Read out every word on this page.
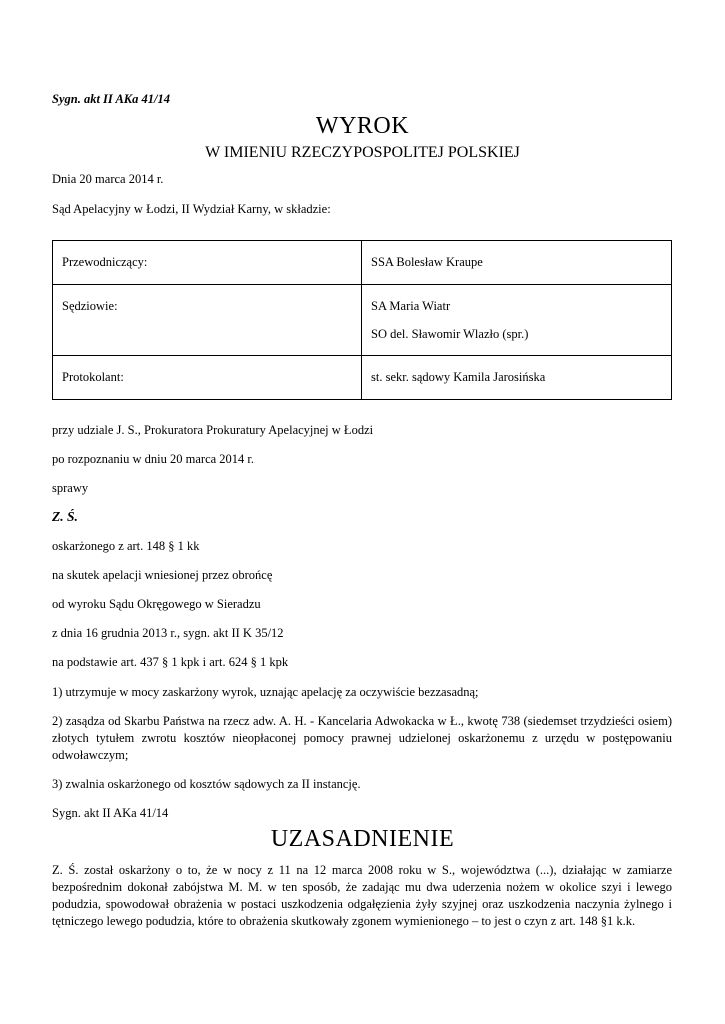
Sygn. akt II AKa 41/14
WYROK
W IMIENIU RZECZYPOSPOLITEJ POLSKIEJ
Dnia 20 marca 2014 r.
Sąd Apelacyjny w Łodzi, II Wydział Karny, w składzie:
Przewodniczący:	SSA Bolesław Kraupe

Sędziowie:	SA Maria Wiatr
SO del. Sławomir Wlazło (spr.)

Protokolant:	st. sekr. sądowy Kamila Jarosińska
przy udziale J. S., Prokuratora Prokuratury Apelacyjnej w Łodzi
po rozpoznaniu w dniu 20 marca 2014 r.
sprawy
Z. Ś.
oskarżonego z art. 148 § 1 kk
na skutek apelacji wniesionej przez obrońcę
od wyroku Sądu Okręgowego w Sieradzu
z dnia 16 grudnia 2013 r., sygn. akt II K 35/12
na podstawie art. 437 § 1 kpk i art. 624 § 1 kpk
1) utrzymuje w mocy zaskarżony wyrok, uznając apelację za oczywiście bezzasadną;
2) zasądza od Skarbu Państwa na rzecz adw. A. H. - Kancelaria Adwokacka w Ł., kwotę 738 (siedemset trzydzieści osiem) złotych tytułem zwrotu kosztów nieopłaconej pomocy prawnej udzielonej oskarżonemu z urzędu w postępowaniu odwoławczym;
3) zwalnia oskarżonego od kosztów sądowych za II instancję.
Sygn. akt II AKa 41/14
UZASADNIENIE
Z. Ś. został oskarżony o to, że w nocy z 11 na 12 marca 2008 roku w S., województwa (...), działając w zamiarze bezpośrednim dokonał zabójstwa M. M. w ten sposób, że zadając mu dwa uderzenia nożem w okolice szyi i lewego podudzia, spowodował obrażenia w postaci uszkodzenia odgałęzienia żyły szyjnej oraz uszkodzenia naczynia żylnego i tętniczego lewego podudzia, które to obrażenia skutkowały zgonem wymienionego – to jest o czyn z art. 148 §1 k.k.
